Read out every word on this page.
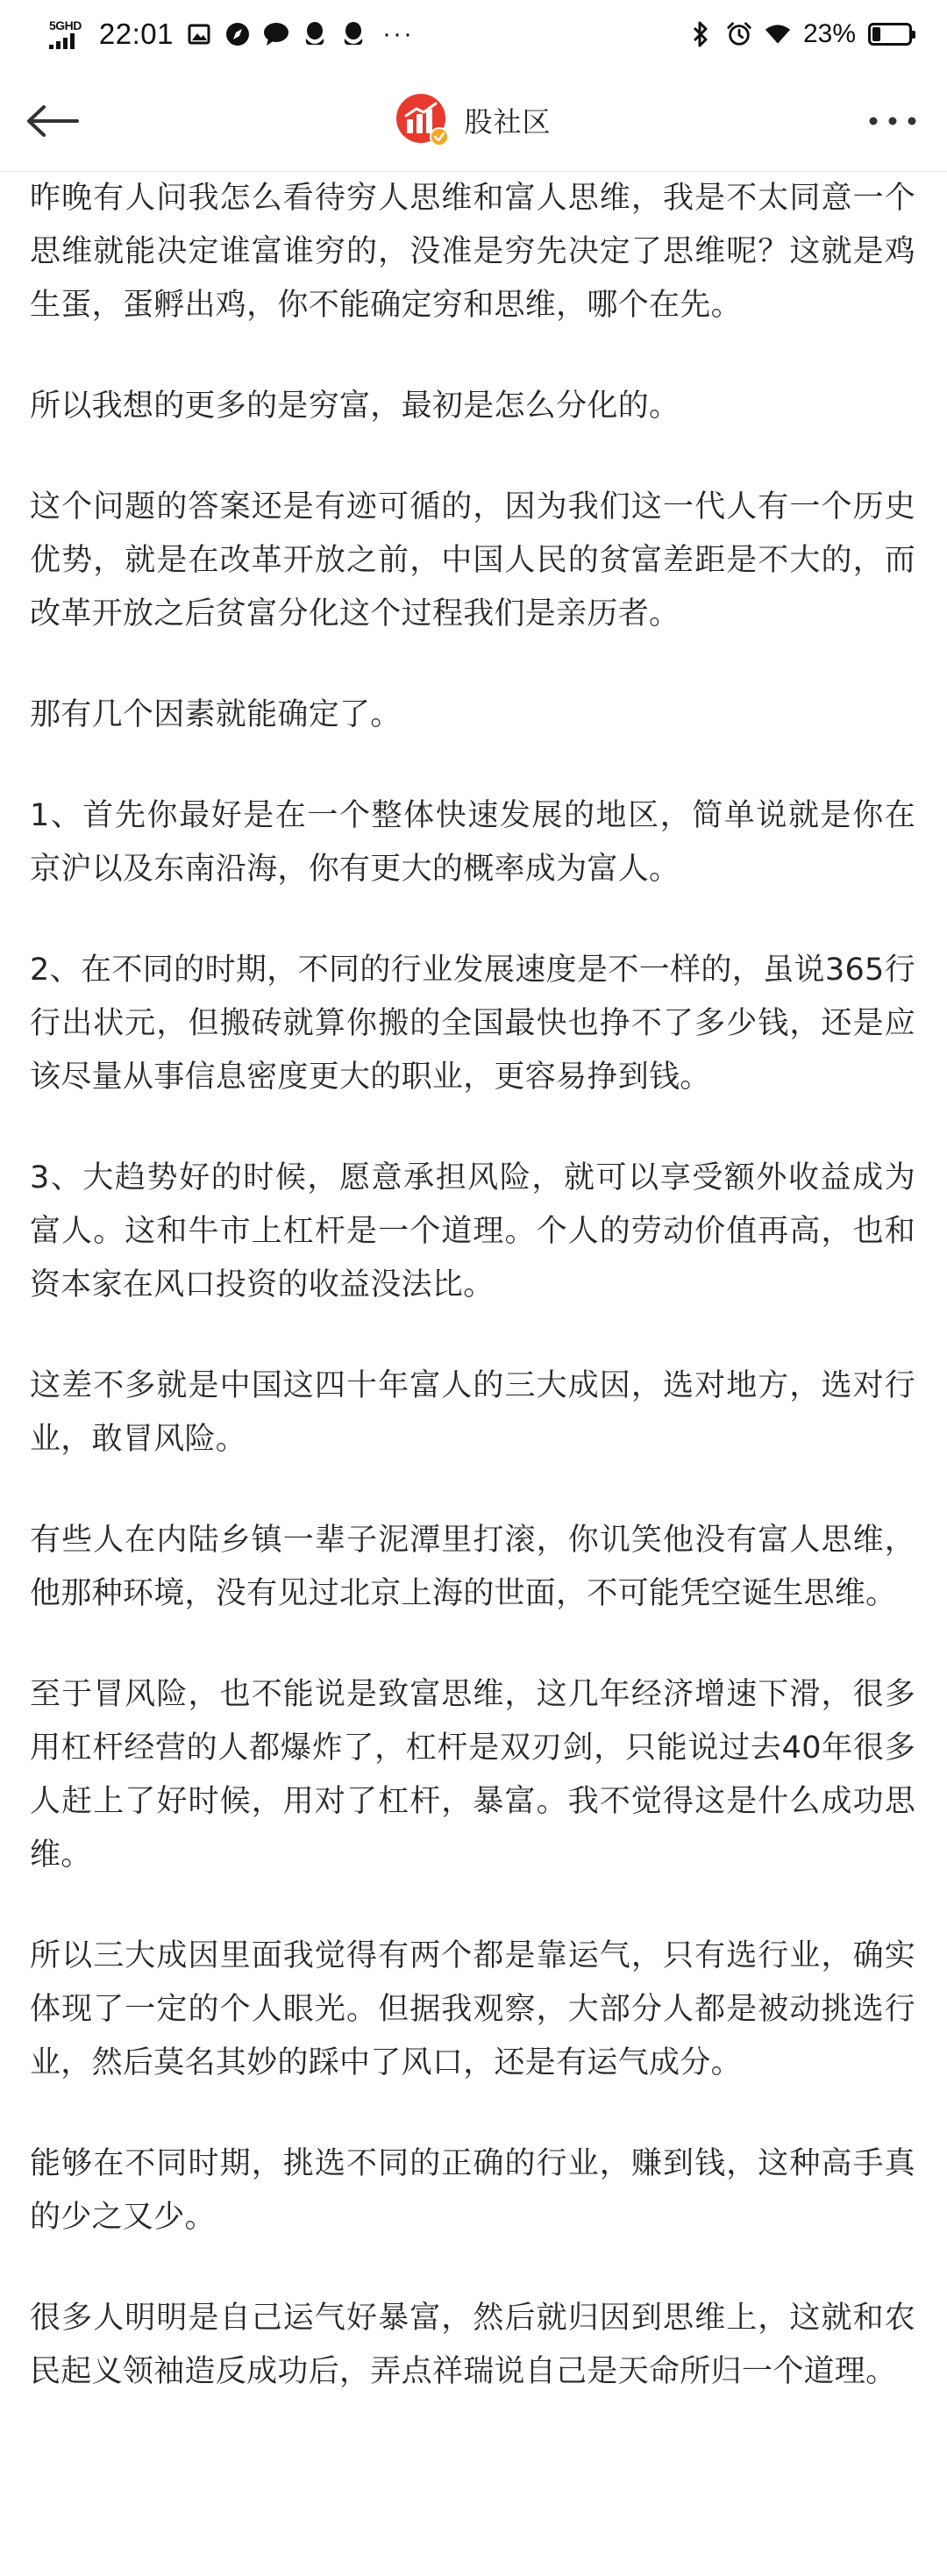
5GHD 22:01	···	23%
股社区

昨晚有人问我怎么看待穷人思维和富人思维，我是不太同意一个思维就能决定谁富谁穷的，没准是穷先决定了思维呢？这就是鸡生蛋，蛋孵出鸡，你不能确定穷和思维，哪个在先。

所以我想的更多的是穷富，最初是怎么分化的。

这个问题的答案还是有迹可循的，因为我们这一代人有一个历史优势，就是在改革开放之前，中国人民的贫富差距是不大的，而改革开放之后贫富分化这个过程我们是亲历者。

那有几个因素就能确定了。

1、首先你最好是在一个整体快速发展的地区，简单说就是你在京沪以及东南沿海，你有更大的概率成为富人。

2、在不同的时期，不同的行业发展速度是不一样的，虽说365行行出状元，但搬砖就算你搬的全国最快也挣不了多少钱，还是应该尽量从事信息密度更大的职业，更容易挣到钱。

3、大趋势好的时候，愿意承担风险，就可以享受额外收益成为富人。这和牛市上杠杆是一个道理。个人的劳动价值再高，也和资本家在风口投资的收益没法比。

这差不多就是中国这四十年富人的三大成因，选对地方，选对行业，敢冒风险。

有些人在内陆乡镇一辈子泥潭里打滚，你讥笑他没有富人思维，他那种环境，没有见过北京上海的世面，不可能凭空诞生思维。

至于冒风险，也不能说是致富思维，这几年经济增速下滑，很多用杠杆经营的人都爆炸了，杠杆是双刃剑，只能说过去40年很多人赶上了好时候，用对了杠杆，暴富。我不觉得这是什么成功思维。

所以三大成因里面我觉得有两个都是靠运气，只有选行业，确实体现了一定的个人眼光。但据我观察，大部分人都是被动挑选行业，然后莫名其妙的踩中了风口，还是有运气成分。

能够在不同时期，挑选不同的正确的行业，赚到钱，这种高手真的少之又少。

很多人明明是自己运气好暴富，然后就归因到思维上，这就和农民起义领袖造反成功后，弄点祥瑞说自己是天命所归一个道理。
